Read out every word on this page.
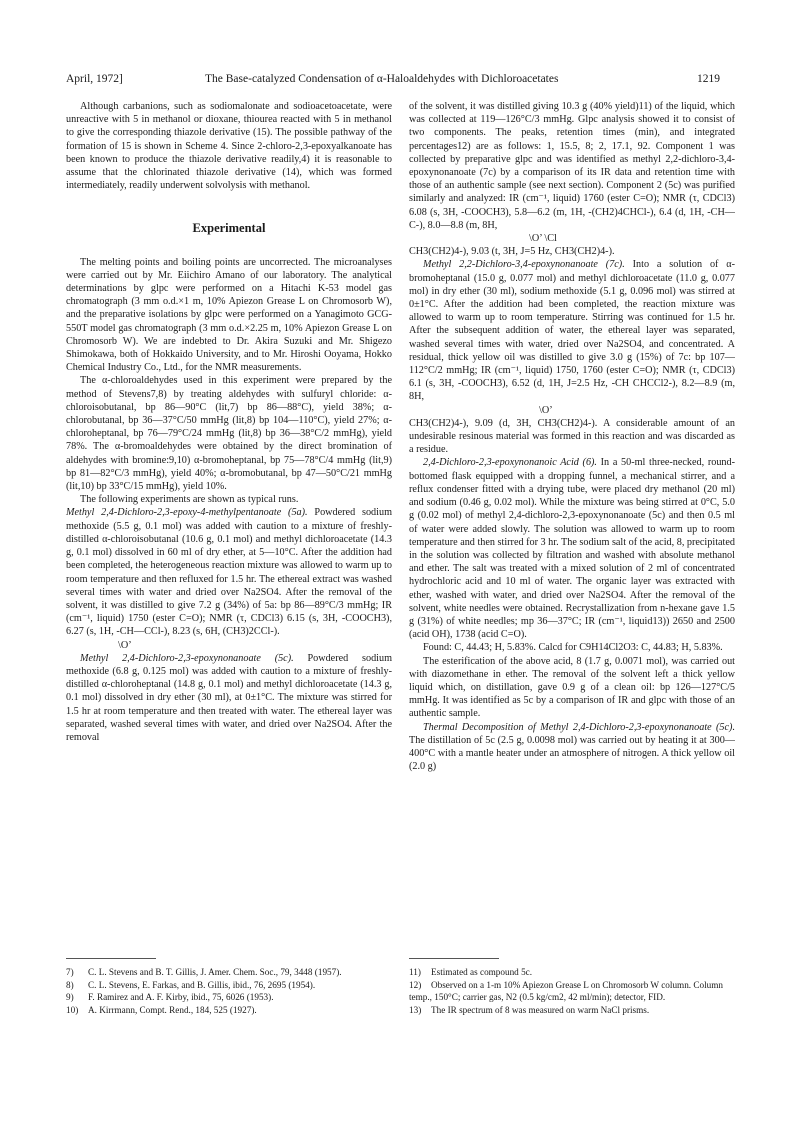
April, 1972]	The Base-catalyzed Condensation of α-Haloaldehydes with Dichloroacetates	1219

Although carbanions, such as sodiomalonate and sodioacetoacetate, were unreactive with 5 in methanol or dioxane, thiourea reacted with 5 in methanol to give the corresponding thiazole derivative (15). The possible pathway of the formation of 15 is shown in Scheme 4. Since 2-chloro-2,3-epoxyalkanoate has been known to produce the thiazole derivative readily,4) it is reasonable to assume that the chlorinated thiazole derivative (14), which was formed intermediately, readily underwent solvolysis with methanol.

Experimental

The melting points and boiling points are uncorrected. The microanalyses were carried out by Mr. Eiichiro Amano of our laboratory. The analytical determinations by glpc were performed on a Hitachi K-53 model gas chromatograph (3 mm o.d.×1 m, 10% Apiezon Grease L on Chromosorb W), and the preparative isolations by glpc were performed on a Yanagimoto GCG-550T model gas chromatograph (3 mm o.d.×2.25 m, 10% Apiezon Grease L on Chromosorb W). We are indebted to Dr. Akira Suzuki and Mr. Shigezo Shimokawa, both of Hokkaido University, and to Mr. Hiroshi Ooyama, Hokko Chemical Industry Co., Ltd., for the NMR measurements.

The α-chloroaldehydes used in this experiment were prepared by the method of Stevens7,8) by treating aldehydes with sulfuryl chloride: α-chloroisobutanal, bp 86—90°C (lit,7) bp 86—88°C), yield 38%; α-chlorobutanal, bp 36—37°C/50 mmHg (lit,8) bp 104—110°C), yield 27%; α-chloroheptanal, bp 76—79°C/24 mmHg (lit,8) bp 36—38°C/2 mmHg), yield 78%. The α-bromoaldehydes were obtained by the direct bromination of aldehydes with bromine:9,10) α-bromoheptanal, bp 75—78°C/4 mmHg (lit,9) bp 81—82°C/3 mmHg), yield 40%; α-bromobutanal, bp 47—50°C/21 mmHg (lit,10) bp 33°C/15 mmHg), yield 10%.

The following experiments are shown as typical runs.

Methyl 2,4-Dichloro-2,3-epoxy-4-methylpentanoate (5a). Powdered sodium methoxide (5.5 g, 0.1 mol) was added with caution to a mixture of freshly-distilled α-chloroisobutanal (10.6 g, 0.1 mol) and methyl dichloroacetate (14.3 g, 0.1 mol) dissolved in 60 ml of dry ether, at 5—10°C. After the addition had been completed, the heterogeneous reaction mixture was allowed to warm up to room temperature and then refluxed for 1.5 hr. The ethereal extract was washed several times with water and dried over Na2SO4. After the removal of the solvent, it was distilled to give 7.2 g (34%) of 5a: bp 86—89°C/3 mmHg; IR (cm⁻¹, liquid) 1750 (ester C=O); NMR (τ, CDCl3) 6.15 (s, 3H, -COOCH3), 6.27 (s, 1H, -CH—CCl-), 8.23 (s, 6H, (CH3)2CCl-).

\O’

Methyl 2,4-Dichloro-2,3-epoxynonanoate (5c). Powdered sodium methoxide (6.8 g, 0.125 mol) was added with caution to a mixture of freshly-distilled α-chloroheptanal (14.8 g, 0.1 mol) and methyl dichloroacetate (14.3 g, 0.1 mol) dissolved in dry ether (30 ml), at 0±1°C. The mixture was stirred for 1.5 hr at room temperature and then treated with water. The ethereal layer was separated, washed several times with water, and dried over Na2SO4. After the removal

of the solvent, it was distilled giving 10.3 g (40% yield)11) of the liquid, which was collected at 119—126°C/3 mmHg. Glpc analysis showed it to consist of two components. The peaks, retention times (min), and integrated percentages12) are as follows: 1, 15.5, 8; 2, 17.1, 92. Component 1 was collected by preparative glpc and was identified as methyl 2,2-dichloro-3,4-epoxynonanoate (7c) by a comparison of its IR data and retention time with those of an authentic sample (see next section). Component 2 (5c) was purified similarly and analyzed: IR (cm⁻¹, liquid) 1760 (ester C=O); NMR (τ, CDCl3) 6.08 (s, 3H, -COOCH3), 5.8—6.2 (m, 1H, -(CH2)4CHCl-), 6.4 (d, 1H, -CH—C-), 8.0—8.8 (m, 8H,

\O’ \Cl

CH3(CH2)4-), 9.03 (t, 3H, J=5 Hz, CH3(CH2)4-).

Methyl 2,2-Dichloro-3,4-epoxynonanoate (7c). Into a solution of α-bromoheptanal (15.0 g, 0.077 mol) and methyl dichloroacetate (11.0 g, 0.077 mol) in dry ether (30 ml), sodium methoxide (5.1 g, 0.096 mol) was stirred at 0±1°C. After the addition had been completed, the reaction mixture was allowed to warm up to room temperature. Stirring was continued for 1.5 hr. After the subsequent addition of water, the ethereal layer was separated, washed several times with water, dried over Na2SO4, and concentrated. A residual, thick yellow oil was distilled to give 3.0 g (15%) of 7c: bp 107—112°C/2 mmHg; IR (cm⁻¹, liquid) 1750, 1760 (ester C=O); NMR (τ, CDCl3) 6.1 (s, 3H, -COOCH3), 6.52 (d, 1H, J=2.5 Hz, -CH CHCCl2-), 8.2—8.9 (m, 8H,

\O’

CH3(CH2)4-), 9.09 (d, 3H, CH3(CH2)4-). A considerable amount of an undesirable resinous material was formed in this reaction and was discarded as a residue.

2,4-Dichloro-2,3-epoxynonanoic Acid (6). In a 50-ml three-necked, round-bottomed flask equipped with a dropping funnel, a mechanical stirrer, and a reflux condenser fitted with a drying tube, were placed dry methanol (20 ml) and sodium (0.46 g, 0.02 mol). While the mixture was being stirred at 0°C, 5.0 g (0.02 mol) of methyl 2,4-dichloro-2,3-epoxynonanoate (5c) and then 0.5 ml of water were added slowly. The solution was allowed to warm up to room temperature and then stirred for 3 hr. The sodium salt of the acid, 8, precipitated in the solution was collected by filtration and washed with absolute methanol and ether. The salt was treated with a mixed solution of 2 ml of concentrated hydrochloric acid and 10 ml of water. The organic layer was extracted with ether, washed with water, and dried over Na2SO4. After the removal of the solvent, white needles were obtained. Recrystallization from n-hexane gave 1.5 g (31%) of white needles; mp 36—37°C; IR (cm⁻¹, liquid13)) 2650 and 2500 (acid OH), 1738 (acid C=O).

Found: C, 44.43; H, 5.83%. Calcd for C9H14Cl2O3: C, 44.83; H, 5.83%.

The esterification of the above acid, 8 (1.7 g, 0.0071 mol), was carried out with diazomethane in ether. The removal of the solvent left a thick yellow liquid which, on distillation, gave 0.9 g of a clean oil: bp 126—127°C/5 mmHg. It was identified as 5c by a comparison of IR and glpc with those of an authentic sample.

Thermal Decomposition of Methyl 2,4-Dichloro-2,3-epoxynonanoate (5c). The distillation of 5c (2.5 g, 0.0098 mol) was carried out by heating it at 300—400°C with a mantle heater under an atmosphere of nitrogen. A thick yellow oil (2.0 g)

7) C. L. Stevens and B. T. Gillis, J. Amer. Chem. Soc., 79, 3448 (1957).
8) C. L. Stevens, E. Farkas, and B. Gillis, ibid., 76, 2695 (1954).
9) F. Ramirez and A. F. Kirby, ibid., 75, 6026 (1953).
10) A. Kirrmann, Compt. Rend., 184, 525 (1927).
11) Estimated as compound 5c.
12) Observed on a 1-m 10% Apiezon Grease L on Chromosorb W column. Column temp., 150°C; carrier gas, N2 (0.5 kg/cm2, 42 ml/min); detector, FID.
13) The IR spectrum of 8 was measured on warm NaCl prisms.
